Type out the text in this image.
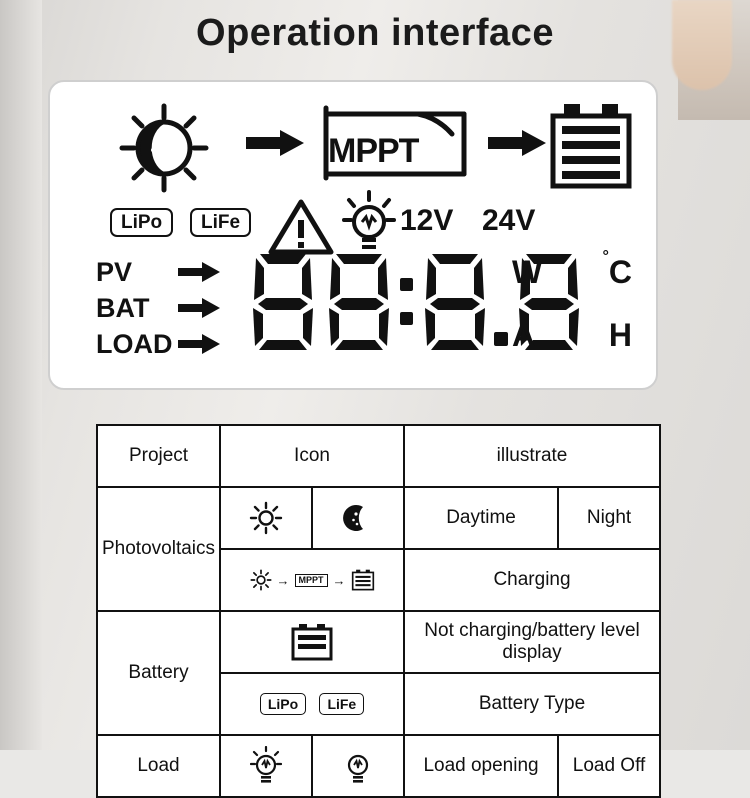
Operation interface
MPPT
LiPo	LiFe	12V 24V
PV
BAT
LOAD
W	°C
A H
Project	Icon		illustrate	
Photovoltaics			Daytime	Night

	→ MPPT →		Charging	
Battery			Not charging/battery level display	
	LiPo LiFe		Battery Type	
Load			Load opening	Load Off
